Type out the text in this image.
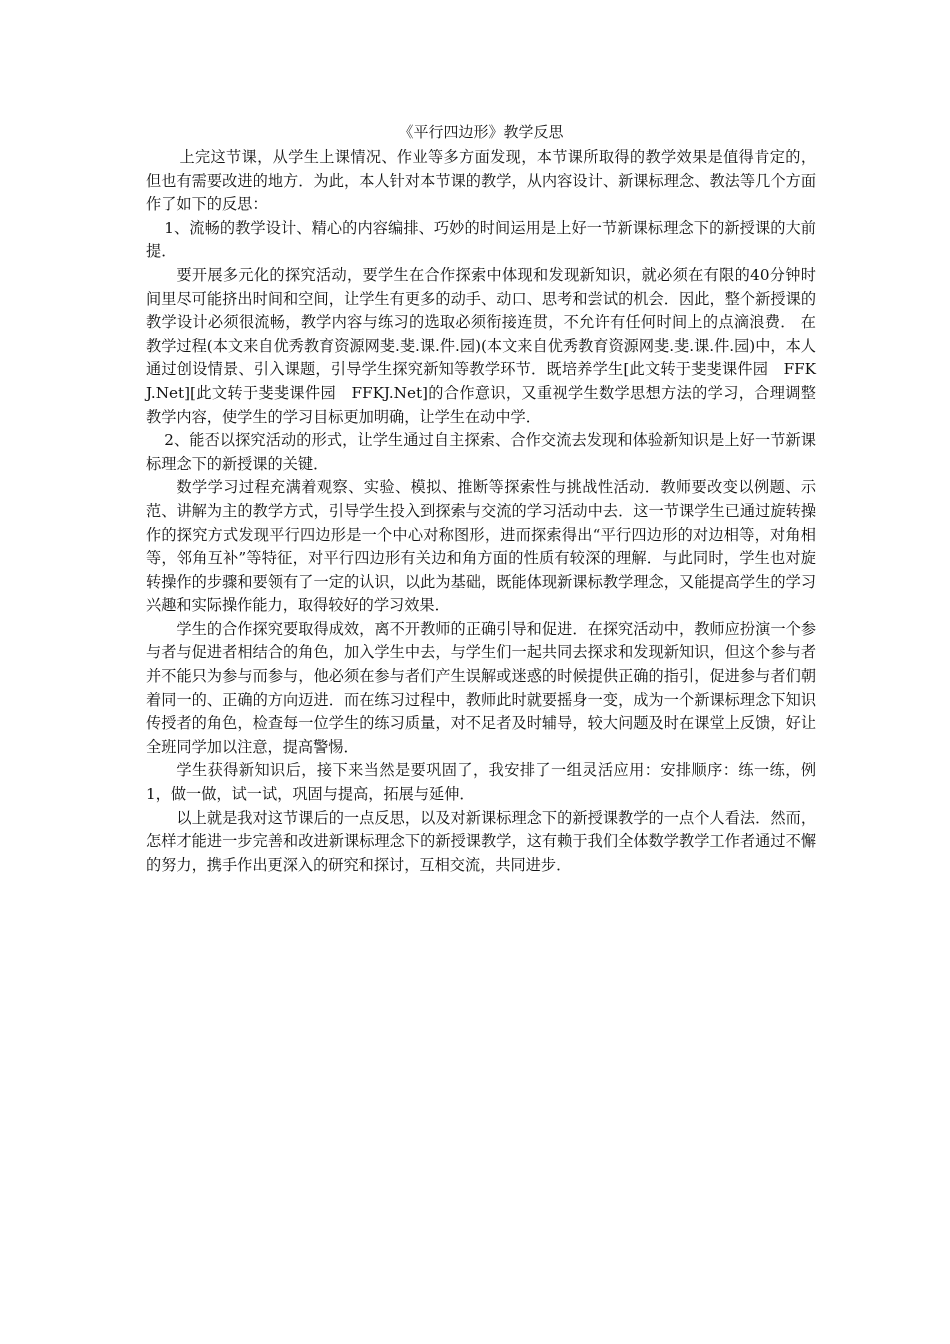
《平行四边形》教学反思

上完这节课，从学生上课情况、作业等多方面发现，本节课所取得的教学效果是值得肯定的，但也有需要改进的地方．为此，本人针对本节课的教学，从内容设计、新课标理念、教法等几个方面作了如下的反思：

1、流畅的教学设计、精心的内容编排、巧妙的时间运用是上好一节新课标理念下的新授课的大前提．

要开展多元化的探究活动，要学生在合作探索中体现和发现新知识，就必须在有限的40分钟时间里尽可能挤出时间和空间，让学生有更多的动手、动口、思考和尝试的机会．因此，整个新授课的教学设计必须很流畅，教学内容与练习的选取必须衔接连贯，不允许有任何时间上的点滴浪费． 在教学过程(本文来自优秀教育资源网斐.斐.课.件.园)(本文来自优秀教育资源网斐.斐.课.件.园)中，本人通过创设情景、引入课题，引导学生探究新知等教学环节．既培养学生[此文转于斐斐课件园　FFKJ.Net][此文转于斐斐课件园　FFKJ.Net]的合作意识，又重视学生数学思想方法的学习，合理调整教学内容，使学生的学习目标更加明确，让学生在动中学．

2、能否以探究活动的形式，让学生通过自主探索、合作交流去发现和体验新知识是上好一节新课标理念下的新授课的关键．

数学学习过程充满着观察、实验、模拟、推断等探索性与挑战性活动．教师要改变以例题、示范、讲解为主的教学方式，引导学生投入到探索与交流的学习活动中去．这一节课学生已通过旋转操作的探究方式发现平行四边形是一个中心对称图形，进而探索得出“平行四边形的对边相等，对角相等，邻角互补”等特征，对平行四边形有关边和角方面的性质有较深的理解．与此同时，学生也对旋转操作的步骤和要领有了一定的认识，以此为基础，既能体现新课标教学理念，又能提高学生的学习兴趣和实际操作能力，取得较好的学习效果．

学生的合作探究要取得成效，离不开教师的正确引导和促进．在探究活动中，教师应扮演一个参与者与促进者相结合的角色，加入学生中去，与学生们一起共同去探求和发现新知识，但这个参与者并不能只为参与而参与，他必须在参与者们产生误解或迷惑的时候提供正确的指引，促进参与者们朝着同一的、正确的方向迈进．而在练习过程中，教师此时就要摇身一变，成为一个新课标理念下知识传授者的角色，检查每一位学生的练习质量，对不足者及时辅导，较大问题及时在课堂上反馈，好让全班同学加以注意，提高警惕．

学生获得新知识后，接下来当然是要巩固了，我安排了一组灵活应用：安排顺序：练一练，例1，做一做，试一试，巩固与提高，拓展与延伸．

以上就是我对这节课后的一点反思，以及对新课标理念下的新授课教学的一点个人看法．然而，怎样才能进一步完善和改进新课标理念下的新授课教学，这有赖于我们全体数学教学工作者通过不懈的努力，携手作出更深入的研究和探讨，互相交流，共同进步．
